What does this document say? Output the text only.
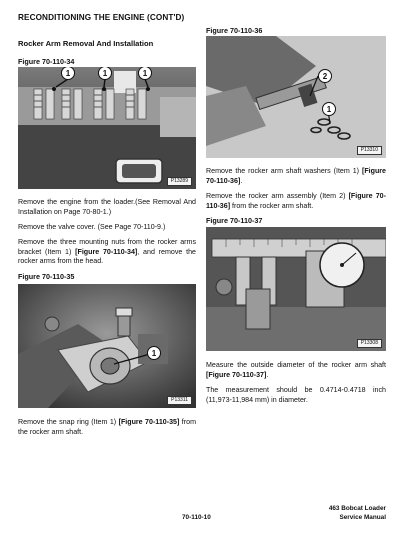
RECONDITIONING THE ENGINE (CONT'D)
Rocker Arm Removal And Installation
Figure 70-110-34
1	1	1
P13289
Remove the engine from the loader.(See Removal And Installation on Page 70-80-1.)
Remove the valve cover. (See Page 70-110-9.)
Remove the three mounting nuts from the rocker arms bracket (Item 1) [Figure 70-110-34], and remove the rocker arms from the head.
Figure 70-110-35
1
P13311
Remove the snap ring (Item 1) [Figure 70-110-35] from the rocker arm shaft.
Figure 70-110-36
2
1
P13310
Remove the rocker arm shaft washers (Item 1) [Figure 70-110-36].
Remove the rocker arm assembly (Item 2) [Figure 70-110-36] from the rocker arm shaft.
Figure 70-110-37
P13308
Measure the outside diameter of the rocker arm shaft [Figure 70-110-37].
The measurement should be 0.4714-0.4718 inch (11,973-11,984 mm) in diameter.
70-110-10
463 Bobcat Loader
Service Manual
